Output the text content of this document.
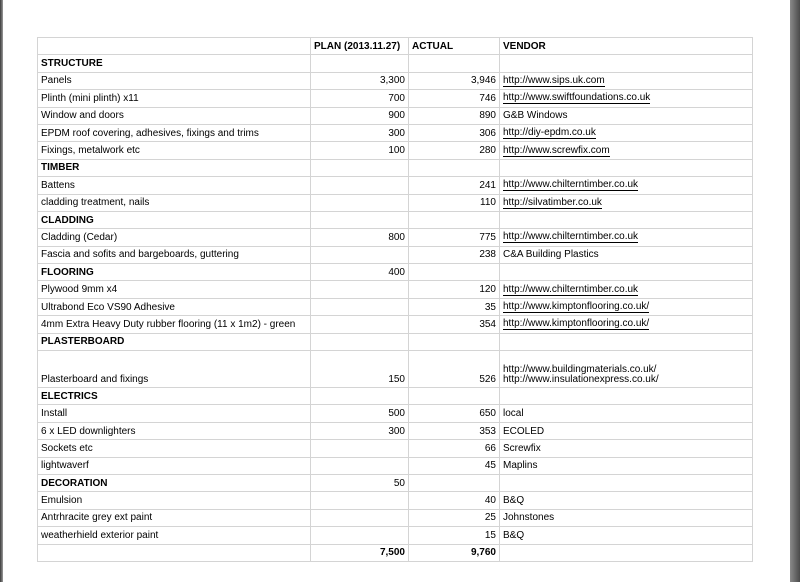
	PLAN (2013.11.27)	ACTUAL	VENDOR
STRUCTURE			
Panels	3,300	3,946	http://www.sips.uk.com
Plinth (mini plinth) x11	700	746	http://www.swiftfoundations.co.uk
Window and doors	900	890	G&B Windows
EPDM roof covering, adhesives, fixings and trims	300	306	http://diy-epdm.co.uk
Fixings, metalwork etc	100	280	http://www.screwfix.com
TIMBER			
Battens		241	http://www.chilterntimber.co.uk
cladding treatment, nails		110	http://silvatimber.co.uk
CLADDING			
Cladding (Cedar)	800	775	http://www.chilterntimber.co.uk
Fascia and sofits and bargeboards, guttering		238	C&A Building Plastics
FLOORING	400		
Plywood 9mm x4		120	http://www.chilterntimber.co.uk
Ultrabond Eco VS90 Adhesive		35	http://www.kimptonflooring.co.uk/
4mm Extra Heavy Duty rubber flooring (11 x 1m2) - green		354	http://www.kimptonflooring.co.uk/
PLASTERBOARD			
Plasterboard and fixings	150	526	http://www.buildingmaterials.co.uk/
http://www.insulationexpress.co.uk/

ELECTRICS			
Install	500	650	local
6 x LED downlighters	300	353	ECOLED
Sockets etc		66	Screwfix
lightwaverf		45	Maplins
DECORATION	50		
Emulsion		40	B&Q
Antrhracite grey ext paint		25	Johnstones
weatherhield exterior paint		15	B&Q
	7,500	9,760	
